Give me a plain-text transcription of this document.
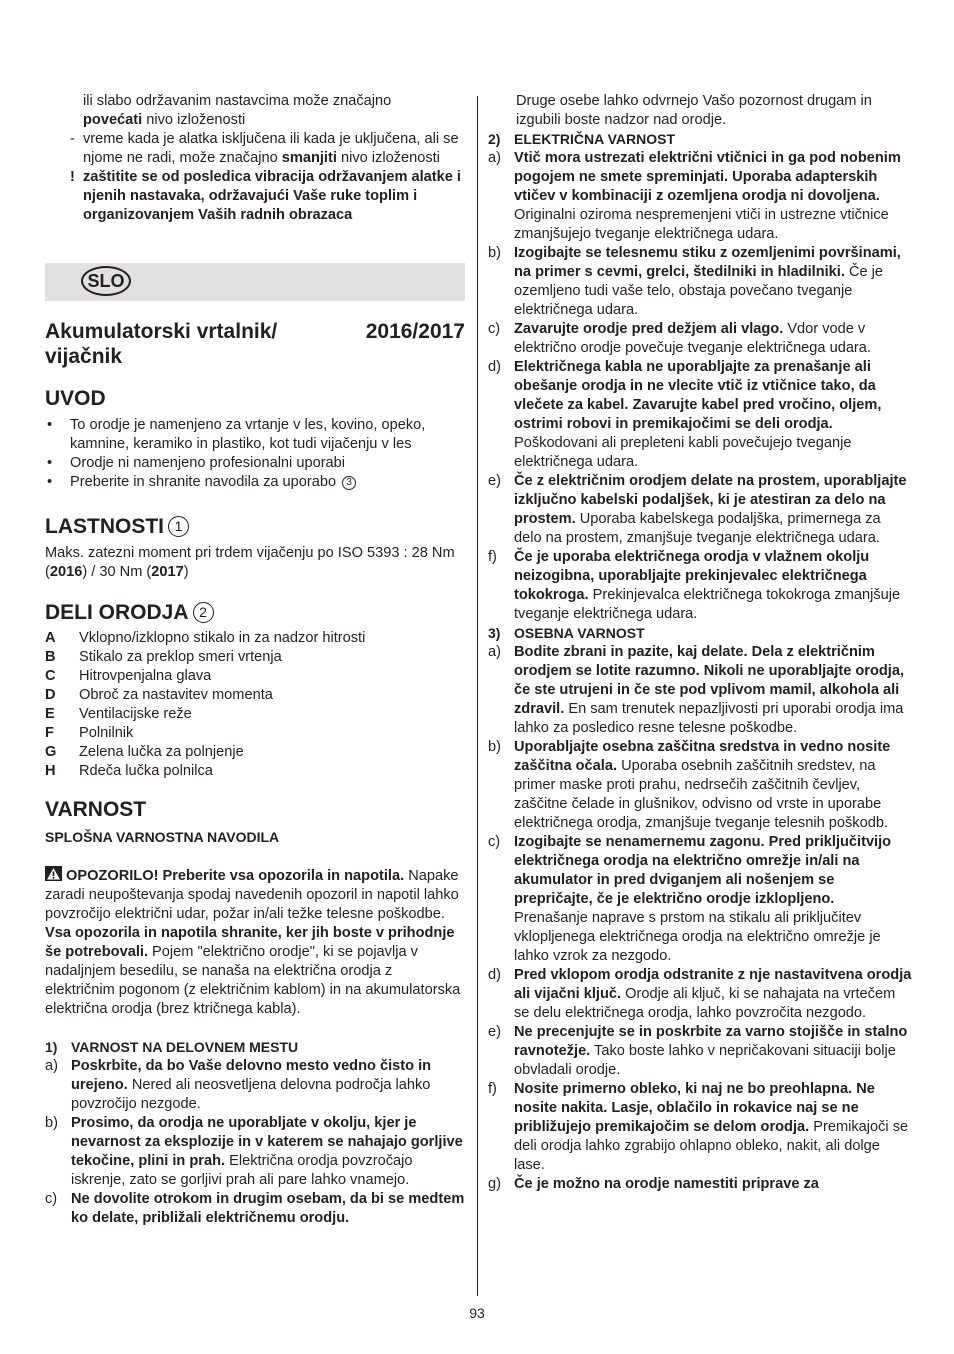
ili slabo održavanim nastavcima može značajno
povećati nivo izloženosti
- vreme kada je alatka isključena ili kada je uključena, ali se njome ne radi, može značajno smanjiti nivo izloženosti
! zaštitite se od posledica vibracija održavanjem alatke i njenih nastavaka, održavajući Vaše ruke toplim i organizovanjem Vaših radnih obrazaca
SLO
Akumulatorski vrtalnik/ vijačnik
2016/2017
UVOD
• To orodje je namenjeno za vrtanje v les, kovino, opeko, kamnine, keramiko in plastiko, kot tudi vijačenju v les
• Orodje ni namenjeno profesionalni uporabi
• Preberite in shranite navodila za uporabo 3
LASTNOSTI 1
Maks. zatezni moment pri trdem vijačenju po ISO 5393 : 28 Nm (2016) / 30 Nm (2017)
DELI ORODJA 2
A Vklopno/izklopno stikalo in za nadzor hitrosti
B Stikalo za preklop smeri vrtenja
C Hitrovpenjalna glava
D Obroč za nastavitev momenta
E Ventilacijske reže
F Polnilnik
G Zelena lučka za polnjenje
H Rdeča lučka polnilca
VARNOST
SPLOŠNA VARNOSTNA NAVODILA
OPOZORILO! Preberite vsa opozorila in napotila. Napake zaradi neupoštevanja spodaj navedenih opozoril in napotil lahko povzročijo električni udar, požar in/ali težke telesne poškodbe. Vsa opozorila in napotila shranite, ker jih boste v prihodnje še potrebovali. Pojem "električno orodje", ki se pojavlja v nadaljnjem besedilu, se nanaša na električna orodja z električnim pogonom (z električnim kablom) in na akumulatorska električna orodja (brez ktričnega kabla).
1) VARNOST NA DELOVNEM MESTU
a) Poskrbite, da bo Vaše delovno mesto vedno čisto in urejeno. Nered ali neosvetljena delovna področja lahko povzročijo nezgode.
b) Prosimo, da orodja ne uporabljate v okolju, kjer je nevarnost za eksplozije in v katerem se nahajajo gorljive tekočine, plini in prah. Električna orodja povzročajo iskrenje, zato se gorljivi prah ali pare lahko vnamejo.
c) Ne dovolite otrokom in drugim osebam, da bi se medtem ko delate, približali električnemu orodju.
Druge osebe lahko odvrnejo Vašo pozornost drugam in izgubili boste nadzor nad orodje.
2) ELEKTRIČNA VARNOST
a) Vtič mora ustrezati električni vtičnici in ga pod nobenim pogojem ne smete spreminjati. Uporaba adapterskih vtičev v kombinaciji z ozemljena orodja ni dovoljena. Originalni oziroma nespremenjeni vtiči in ustrezne vtičnice zmanjšujejo tveganje električnega udara.
b) Izogibajte se telesnemu stiku z ozemljenimi površinami, na primer s cevmi, grelci, štedilniki in hladilniki. Če je ozemljeno tudi vaše telo, obstaja povečano tveganje električnega udara.
c) Zavarujte orodje pred dežjem ali vlago. Vdor vode v električno orodje povečuje tveganje električnega udara.
d) Električnega kabla ne uporabljajte za prenašanje ali obešanje orodja in ne vlecite vtič iz vtičnice tako, da vlečete za kabel. Zavarujte kabel pred vročino, oljem, ostrimi robovi in premikajočimi se deli orodja. Poškodovani ali prepleteni kabli povečujejo tveganje električnega udara.
e) Če z električnim orodjem delate na prostem, uporabljajte izključno kabelski podaljšek, ki je atestiran za delo na prostem. Uporaba kabelskega podaljška, primernega za delo na prostem, zmanjšuje tveganje električnega udara.
f) Če je uporaba električnega orodja v vlažnem okolju neizogibna, uporabljajte prekinjevalec električnega tokokroga. Prekinjevalca električnega tokokroga zmanjšuje tveganje električnega udara.
3) OSEBNA VARNOST
a) Bodite zbrani in pazite, kaj delate. Dela z električnim orodjem se lotite razumno. Nikoli ne uporabljajte orodja, če ste utrujeni in če ste pod vplivom mamil, alkohola ali zdravil. En sam trenutek nepazljivosti pri uporabi orodja ima lahko za posledico resne telesne poškodbe.
b) Uporabljajte osebna zaščitna sredstva in vedno nosite zaščitna očala. Uporaba osebnih zaščitnih sredstev, na primer maske proti prahu, nedrsečih zaščitnih čevljev, zaščitne čelade in glušnikov, odvisno od vrste in uporabe električnega orodja, zmanjšuje tveganje telesnih poškodb.
c) Izogibajte se nenamernemu zagonu. Pred priključitvijo električnega orodja na električno omrežje in/ali na akumulator in pred dviganjem ali nošenjem se prepričajte, če je električno orodje izklopljeno. Prenašanje naprave s prstom na stikalu ali priključitev vklopljenega električnega orodja na električno omrežje je lahko vzrok za nezgodo.
d) Pred vklopom orodja odstranite z nje nastavitvena orodja ali vijačni ključ. Orodje ali ključ, ki se nahajata na vrtečem se delu električnega orodja, lahko povzročita nezgodo.
e) Ne precenjujte se in poskrbite za varno stojišče in stalno ravnotežje. Tako boste lahko v nepričakovani situaciji bolje obvladali orodje.
f) Nosite primerno obleko, ki naj ne bo preohlapna. Ne nosite nakita. Lasje, oblačilo in rokavice naj se ne približujejo premikajočim se delom orodja. Premikajoči se deli orodja lahko zgrabijo ohlapno obleko, nakit, ali dolge lase.
g) Če je možno na orodje namestiti priprave za
93
